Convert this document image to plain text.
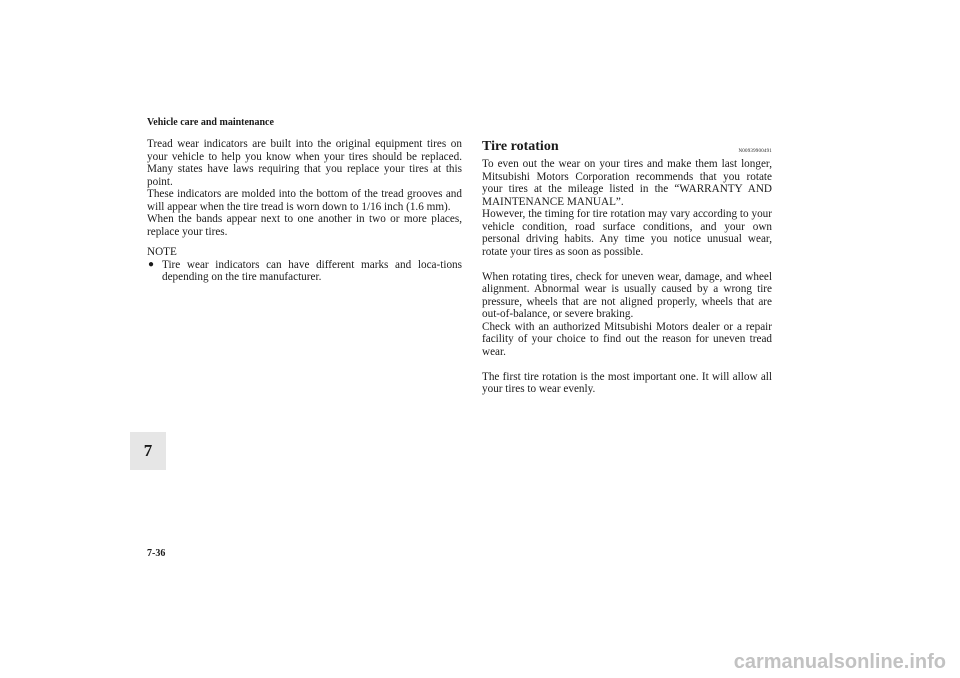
Vehicle care and maintenance

Tread wear indicators are built into the original equipment tires on your vehicle to help you know when your tires should be replaced. Many states have laws requiring that you replace your tires at this point.

These indicators are molded into the bottom of the tread grooves and will appear when the tire tread is worn down to 1/16 inch (1.6 mm).

When the bands appear next to one another in two or more places, replace your tires.

NOTE

● Tire wear indicators can have different marks and loca-tions depending on the tire manufacturer.
Tire rotation	N00939900491

To even out the wear on your tires and make them last longer, Mitsubishi Motors Corporation recommends that you rotate your tires at the mileage listed in the “WARRANTY AND MAINTENANCE MANUAL”.

However, the timing for tire rotation may vary according to your vehicle condition, road surface conditions, and your own personal driving habits. Any time you notice unusual wear, rotate your tires as soon as possible.

When rotating tires, check for uneven wear, damage, and wheel alignment. Abnormal wear is usually caused by a wrong tire pressure, wheels that are not aligned properly, wheels that are out-of-balance, or severe braking.

Check with an authorized Mitsubishi Motors dealer or a repair facility of your choice to find out the reason for uneven tread wear.

The first tire rotation is the most important one. It will allow all your tires to wear evenly.

7
7-36
carmanualsonline.info
